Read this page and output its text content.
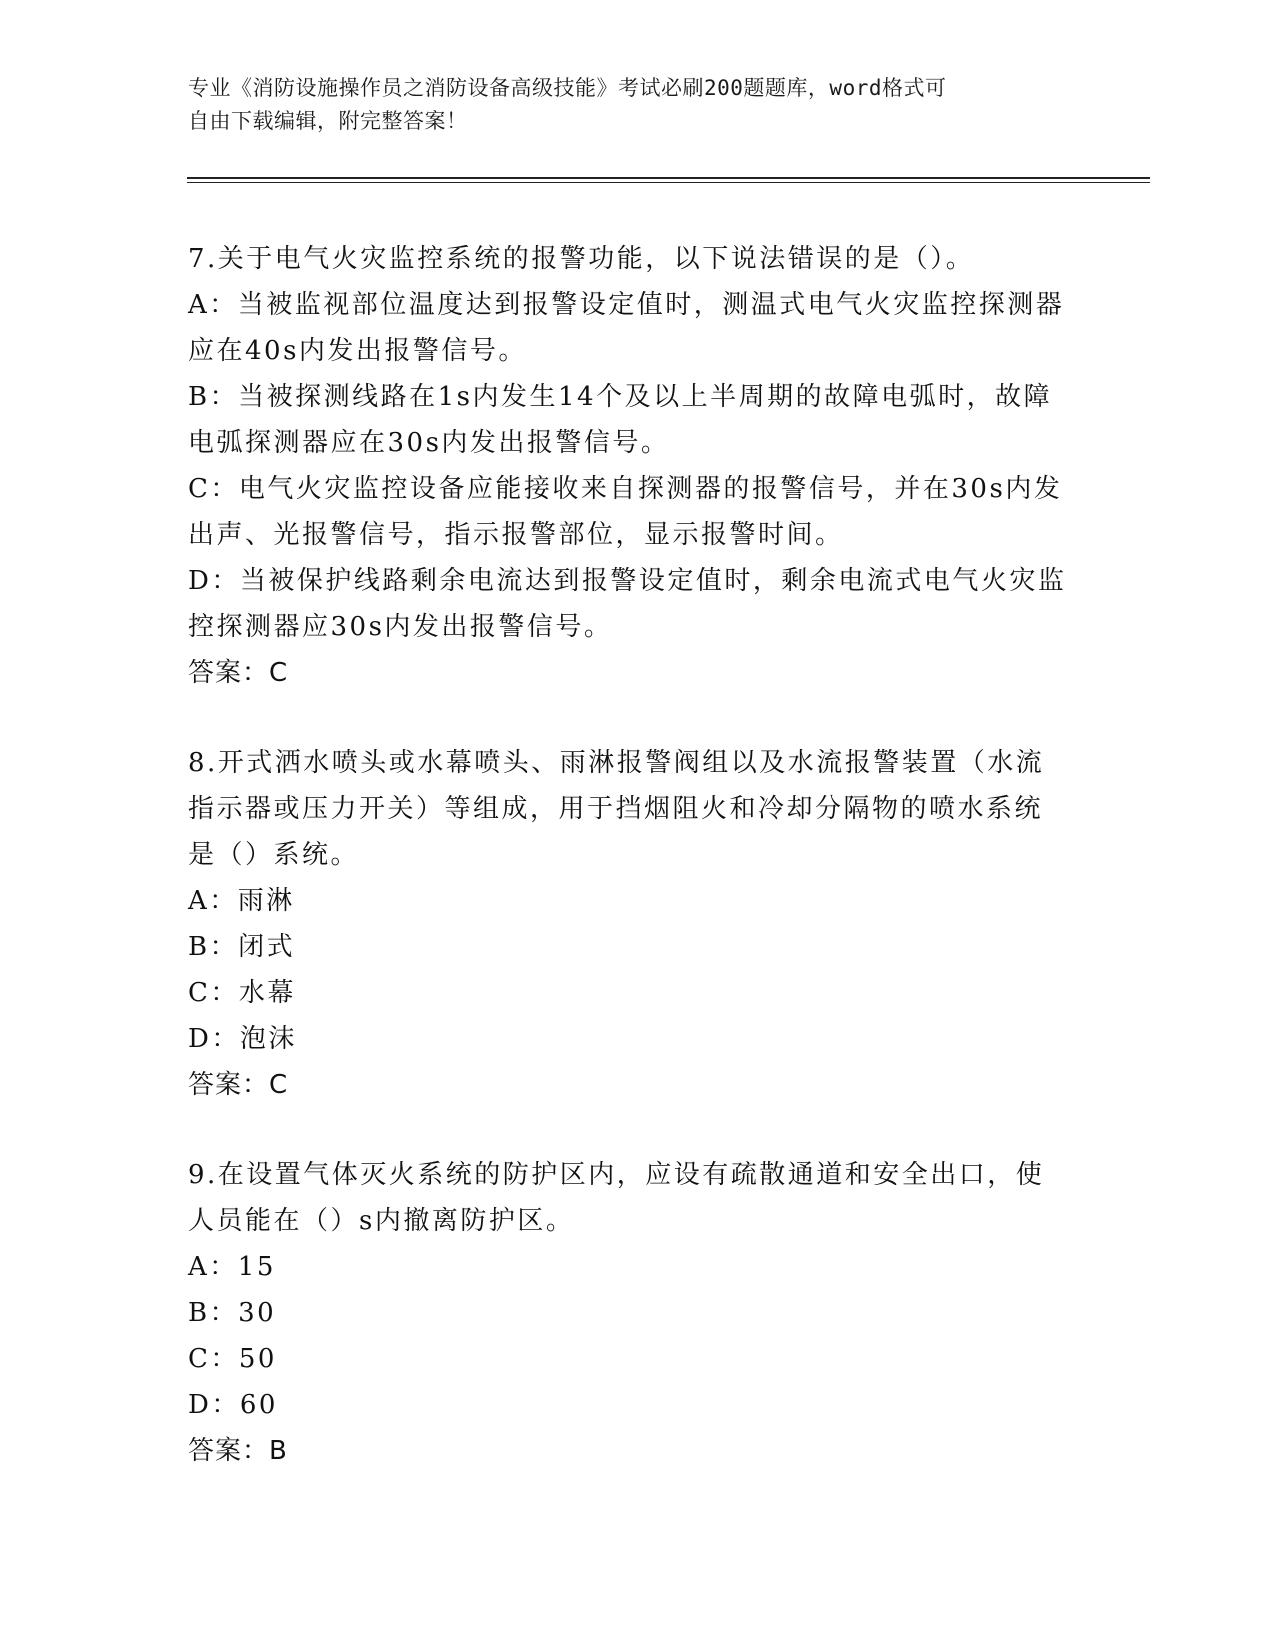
专业《消防设施操作员之消防设备高级技能》考试必刷200题题库，word格式可
自由下载编辑，附完整答案！

7.关于电气火灾监控系统的报警功能，以下说法错误的是（）。

A：当被监视部位温度达到报警设定值时，测温式电气火灾监控探测器

应在40s内发出报警信号。

B：当被探测线路在1s内发生14个及以上半周期的故障电弧时，故障

电弧探测器应在30s内发出报警信号。

C：电气火灾监控设备应能接收来自探测器的报警信号，并在30s内发

出声、光报警信号，指示报警部位，显示报警时间。

D：当被保护线路剩余电流达到报警设定值时，剩余电流式电气火灾监

控探测器应30s内发出报警信号。

答案：C

8.开式洒水喷头或水幕喷头、雨淋报警阀组以及水流报警装置（水流

指示器或压力开关）等组成，用于挡烟阻火和冷却分隔物的喷水系统

是（）系统。

A：雨淋

B：闭式

C：水幕

D：泡沫

答案：C

9.在设置气体灭火系统的防护区内，应设有疏散通道和安全出口，使

人员能在（）s内撤离防护区。

A：15

B：30

C：50

D：60

答案：B
